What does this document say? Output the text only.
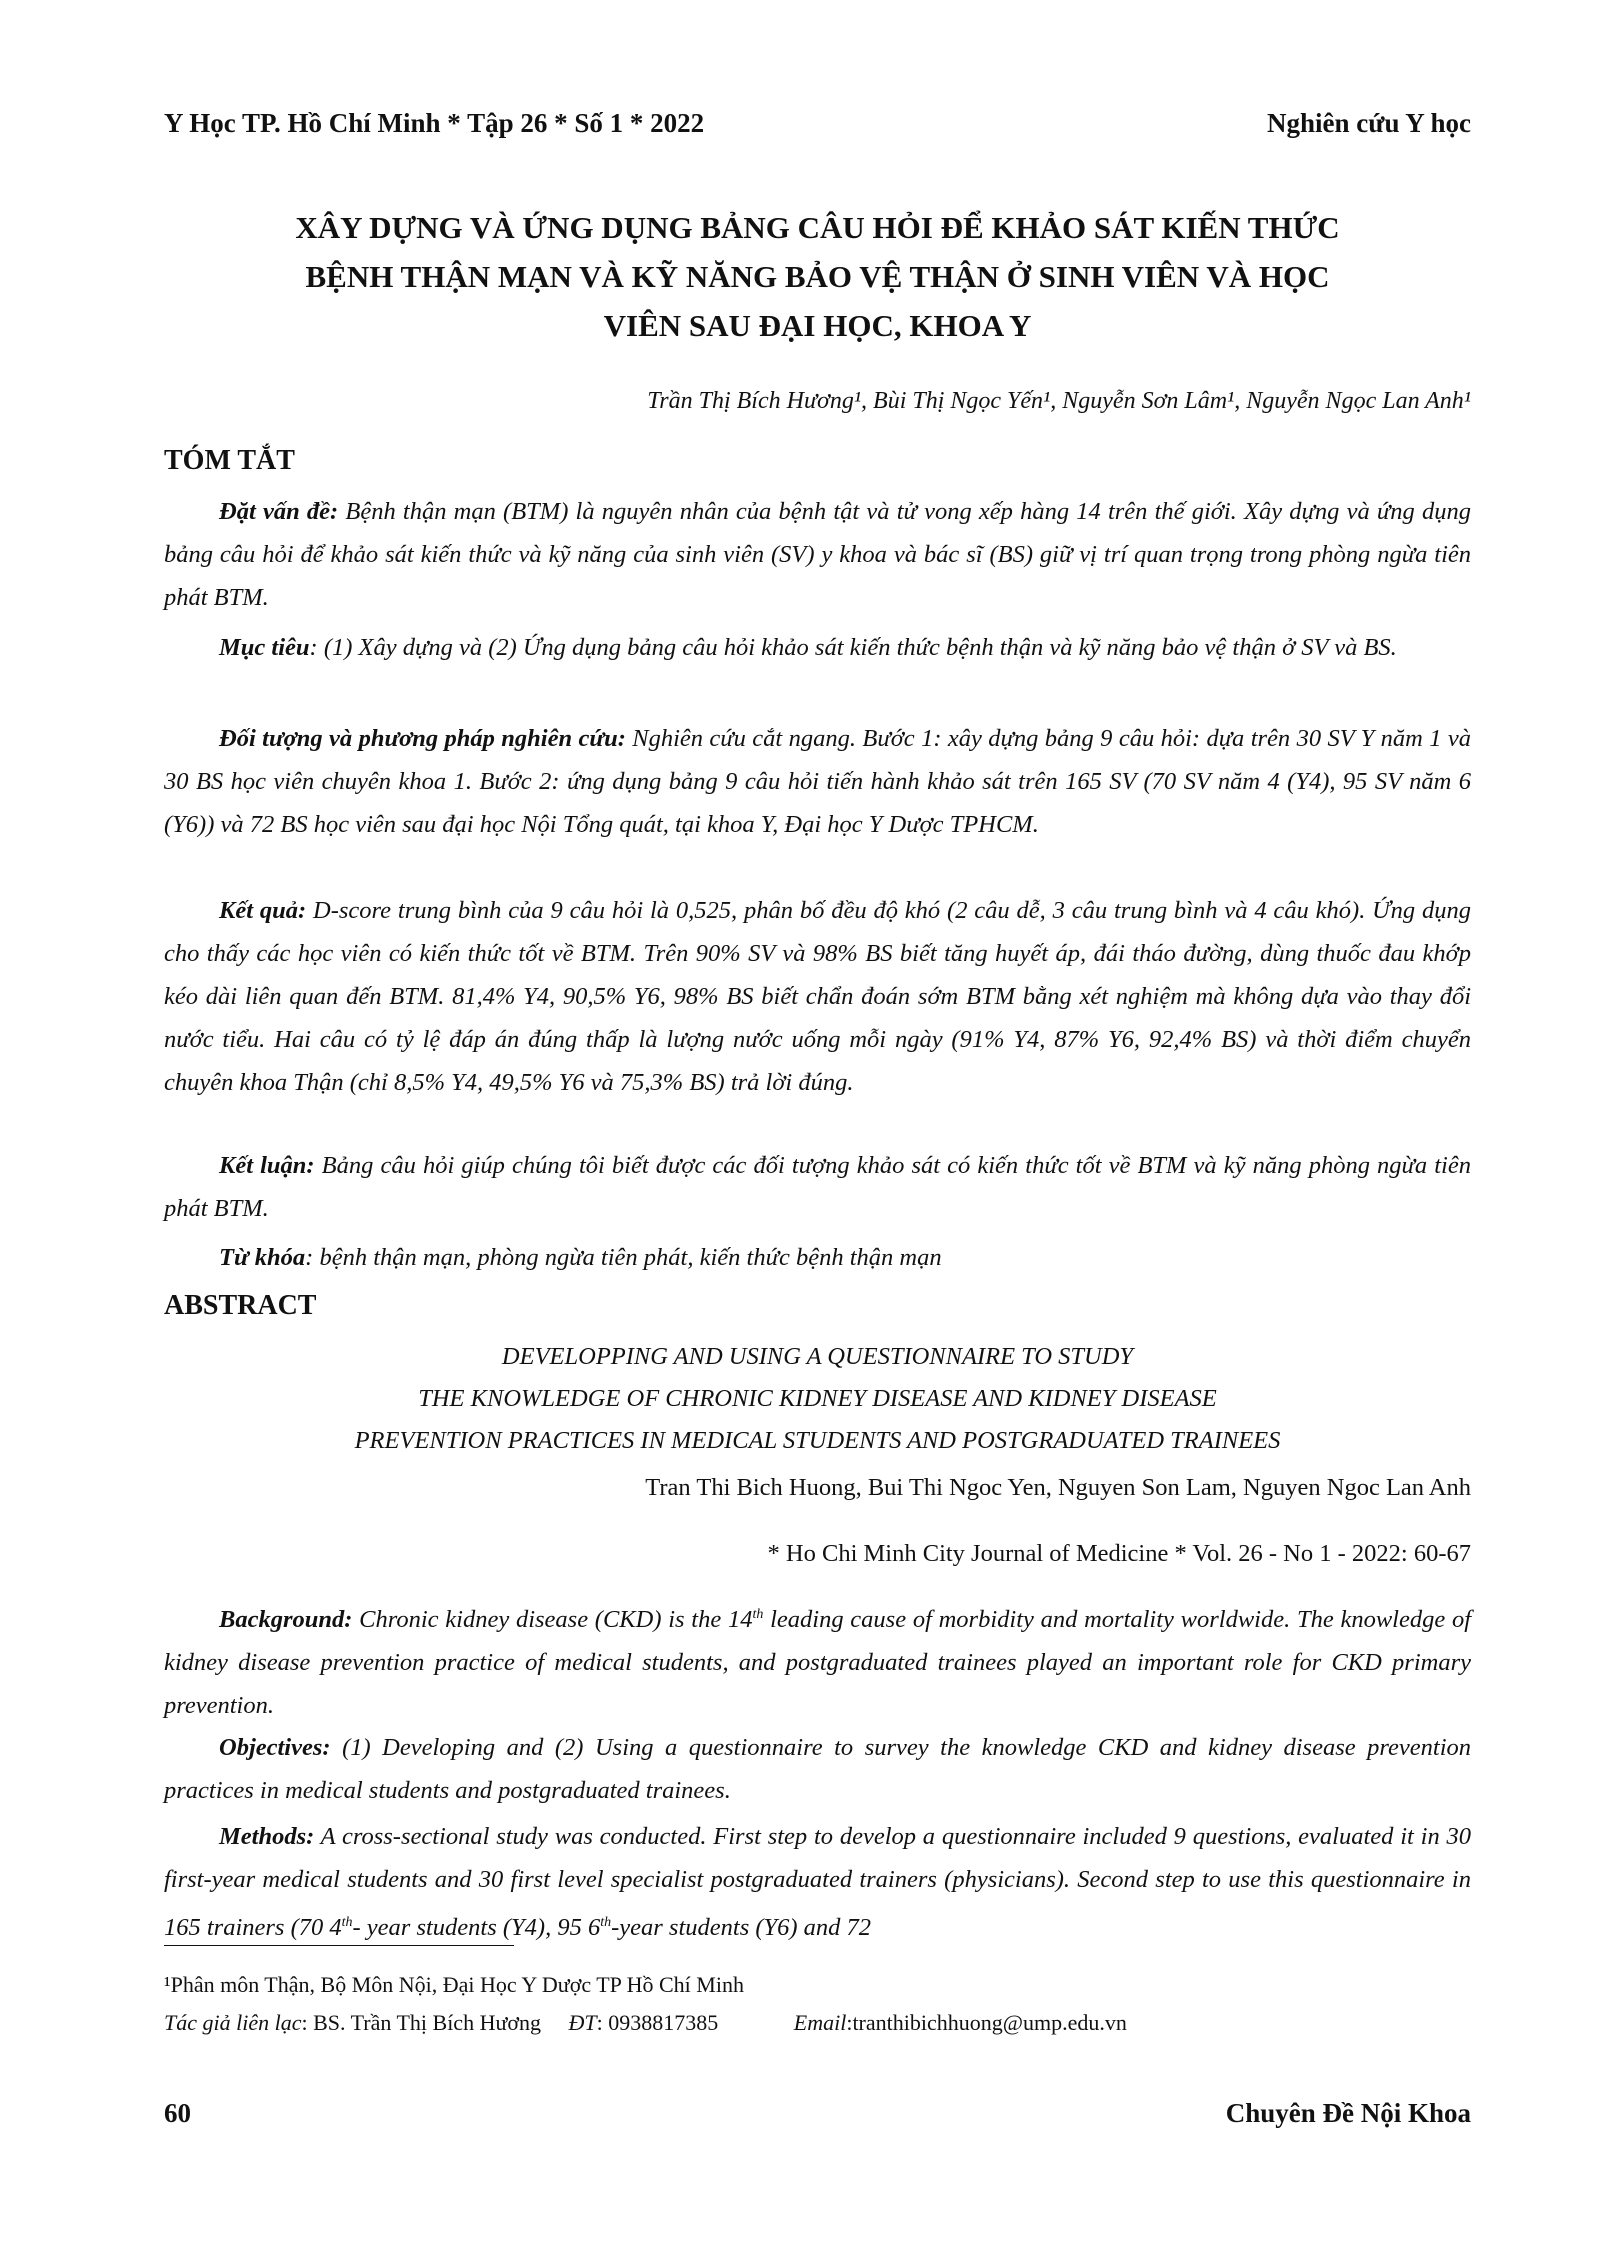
Y Học TP. Hồ Chí Minh * Tập 26 * Số 1 * 2022	Nghiên cứu Y học
XÂY DỰNG VÀ ỨNG DỤNG BẢNG CÂU HỎI ĐỂ KHẢO SÁT KIẾN THỨC
BỆNH THẬN MẠN VÀ KỸ NĂNG BẢO VỆ THẬN Ở SINH VIÊN VÀ HỌC
VIÊN SAU ĐẠI HỌC, KHOA Y
Trần Thị Bích Hương¹, Bùi Thị Ngọc Yến¹, Nguyễn Sơn Lâm¹, Nguyễn Ngọc Lan Anh¹
TÓM TẮT

Đặt vấn đề: Bệnh thận mạn (BTM) là nguyên nhân của bệnh tật và tử vong xếp hàng 14 trên thế giới. Xây dựng và ứng dụng bảng câu hỏi để khảo sát kiến thức và kỹ năng của sinh viên (SV) y khoa và bác sĩ (BS) giữ vị trí quan trọng trong phòng ngừa tiên phát BTM.

Mục tiêu: (1) Xây dựng và (2) Ứng dụng bảng câu hỏi khảo sát kiến thức bệnh thận và kỹ năng bảo vệ thận ở SV và BS.

Đối tượng và phương pháp nghiên cứu: Nghiên cứu cắt ngang. Bước 1: xây dựng bảng 9 câu hỏi: dựa trên 30 SV Y năm 1 và 30 BS học viên chuyên khoa 1. Bước 2: ứng dụng bảng 9 câu hỏi tiến hành khảo sát trên 165 SV (70 SV năm 4 (Y4), 95 SV năm 6 (Y6)) và 72 BS học viên sau đại học Nội Tổng quát, tại khoa Y, Đại học Y Dược TPHCM.

Kết quả: D-score trung bình của 9 câu hỏi là 0,525, phân bố đều độ khó (2 câu dễ, 3 câu trung bình và 4 câu khó). Ứng dụng cho thấy các học viên có kiến thức tốt về BTM. Trên 90% SV và 98% BS biết tăng huyết áp, đái tháo đường, dùng thuốc đau khớp kéo dài liên quan đến BTM. 81,4% Y4, 90,5% Y6, 98% BS biết chẩn đoán sớm BTM bằng xét nghiệm mà không dựa vào thay đổi nước tiểu. Hai câu có tỷ lệ đáp án đúng thấp là lượng nước uống mỗi ngày (91% Y4, 87% Y6, 92,4% BS) và thời điểm chuyển chuyên khoa Thận (chỉ 8,5% Y4, 49,5% Y6 và 75,3% BS) trả lời đúng.

Kết luận: Bảng câu hỏi giúp chúng tôi biết được các đối tượng khảo sát có kiến thức tốt về BTM và kỹ năng phòng ngừa tiên phát BTM.

Từ khóa: bệnh thận mạn, phòng ngừa tiên phát, kiến thức bệnh thận mạn

ABSTRACT
DEVELOPPING AND USING A QUESTIONNAIRE TO STUDY
THE KNOWLEDGE OF CHRONIC KIDNEY DISEASE AND KIDNEY DISEASE
PREVENTION PRACTICES IN MEDICAL STUDENTS AND POSTGRADUATED TRAINEES
Tran Thi Bich Huong, Bui Thi Ngoc Yen, Nguyen Son Lam, Nguyen Ngoc Lan Anh
* Ho Chi Minh City Journal of Medicine * Vol. 26 - No 1 - 2022: 60-67

Background: Chronic kidney disease (CKD) is the 14th leading cause of morbidity and mortality worldwide. The knowledge of kidney disease prevention practice of medical students, and postgraduated trainees played an important role for CKD primary prevention.

Objectives: (1) Developing and (2) Using a questionnaire to survey the knowledge CKD and kidney disease prevention practices in medical students and postgraduated trainees.

Methods: A cross-sectional study was conducted. First step to develop a questionnaire included 9 questions, evaluated it in 30 first-year medical students and 30 first level specialist postgraduated trainers (physicians). Second step to use this questionnaire in 165 trainers (70 4th- year students (Y4), 95 6th-year students (Y6) and 72

¹Phân môn Thận, Bộ Môn Nội, Đại Học Y Dược TP Hồ Chí Minh
Tác giả liên lạc: BS. Trần Thị Bích Hương ĐT: 0938817385	Email:tranthibichhuong@ump.edu.vn
60	Chuyên Đề Nội Khoa
